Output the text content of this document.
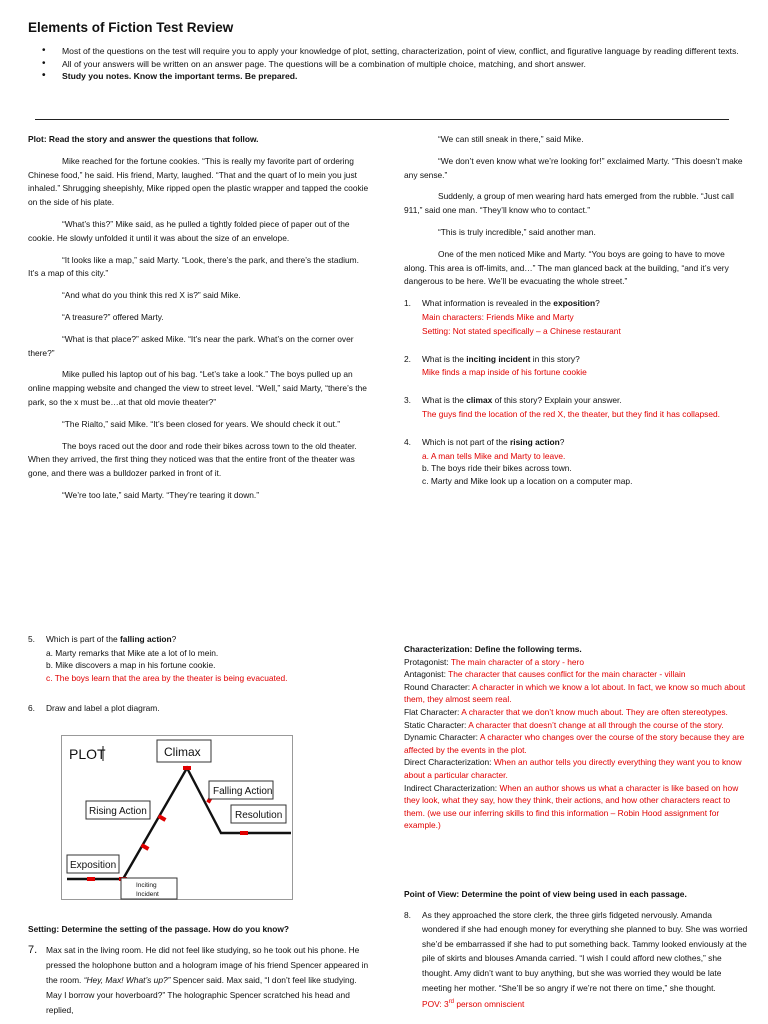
Elements of Fiction Test Review
• Most of the questions on the test will require you to apply your knowledge of plot, setting, characterization, point of view, conflict, and figurative language by reading different texts.
• All of your answers will be written on an answer page. The questions will be a combination of multiple choice, matching, and short answer.
• Study you notes. Know the important terms. Be prepared.

Plot: Read the story and answer the questions that follow.

Mike reached for the fortune cookies. “This is really my favorite part of ordering Chinese food,” he said. His friend, Marty, laughed. “That and the quart of lo mein you just inhaled.” Shrugging sheepishly, Mike ripped open the plastic wrapper and tapped the cookie on the side of his plate.

“What’s this?” Mike said, as he pulled a tightly folded piece of paper out of the cookie. He slowly unfolded it until it was about the size of an envelope.

“It looks like a map,” said Marty. “Look, there’s the park, and there’s the stadium. It’s a map of this city.”

“And what do you think this red X is?” said Mike.

“A treasure?” offered Marty.

“What is that place?” asked Mike. “It’s near the park. What’s on the corner over there?”

Mike pulled his laptop out of his bag. “Let’s take a look.” The boys pulled up an online mapping website and changed the view to street level. “Well,” said Marty, “there’s the park, so the x must be…at that old movie theater?”

“The Rialto,” said Mike. “It’s been closed for years. We should check it out.”

The boys raced out the door and rode their bikes across town to the old theater. When they arrived, the first thing they noticed was that the entire front of the theater was gone, and there was a bulldozer parked in front of it.

“We’re too late,” said Marty. “They’re tearing it down.”

“We can still sneak in there,” said Mike.

“We don’t even know what we’re looking for!” exclaimed Marty. “This doesn’t make any sense.”

Suddenly, a group of men wearing hard hats emerged from the rubble. “Just call 911,” said one man. “They’ll know who to contact.”

“This is truly incredible,” said another man.

One of the men noticed Mike and Marty. “You boys are going to have to move along. This area is off-limits, and…” The man glanced back at the building, “and it’s very dangerous to be here. We’ll be evacuating the whole street.”

1. What information is revealed in the exposition?

Main characters: Friends Mike and Marty

Setting: Not stated specifically – a Chinese restaurant

2. What is the inciting incident in this story?

Mike finds a map inside of his fortune cookie

3. What is the climax of this story? Explain your answer.

The guys find the location of the red X, the theater, but they find it has collapsed.

4. Which is not part of the rising action?

a. A man tells Mike and Marty to leave.

b. The boys ride their bikes across town.

c. Marty and Mike look up a location on a computer map.

5. Which is part of the falling action?

a. Marty remarks that Mike ate a lot of lo mein.

b. Mike discovers a map in his fortune cookie.

c. The boys learn that the area by the theater is being evacuated.

6. Draw and label a plot diagram.
PLOT	Climax
Falling Action
Rising Action	Resolution
Exposition
Inciting
Incident

Characterization: Define the following terms.

Protagonist: The main character of a story - hero

Antagonist: The character that causes conflict for the main character - villain

Round Character: A character in which we know a lot about. In fact, we know so much about them, they almost seem real.

Flat Character: A character that we don’t know much about. They are often stereotypes.

Static Character: A character that doesn’t change at all through the course of the story.

Dynamic Character: A character who changes over the course of the story because they are affected by the events in the plot.

Direct Characterization: When an author tells you directly everything they want you to know about a particular character.

Indirect Characterization: When an author shows us what a character is like based on how they look, what they say, how they think, their actions, and how other characters react to them. (we use our inferring skills to find this information – Robin Hood assignment for example.)

Setting: Determine the setting of the passage. How do you know?

7. Max sat in the living room. He did not feel like studying, so he took out his phone. He pressed the holophone button and a hologram image of his friend Spencer appeared in the room. “Hey, Max! What’s up?” Spencer said. Max said, “I don’t feel like studying. May I borrow your hoverboard?” The holographic Spencer scratched his head and replied,

Point of View: Determine the point of view being used in each passage.

8. As they approached the store clerk, the three girls fidgeted nervously. Amanda wondered if she had enough money for everything she planned to buy. She was worried she’d be embarrassed if she had to put something back. Tammy looked enviously at the pile of skirts and blouses Amanda carried. “I wish I could afford new clothes,” she thought. Amy didn’t want to buy anything, but she was worried they would be late meeting her mother. “She’ll be so angry if we’re not there on time,” she thought.

POV: 3rd person omniscient
